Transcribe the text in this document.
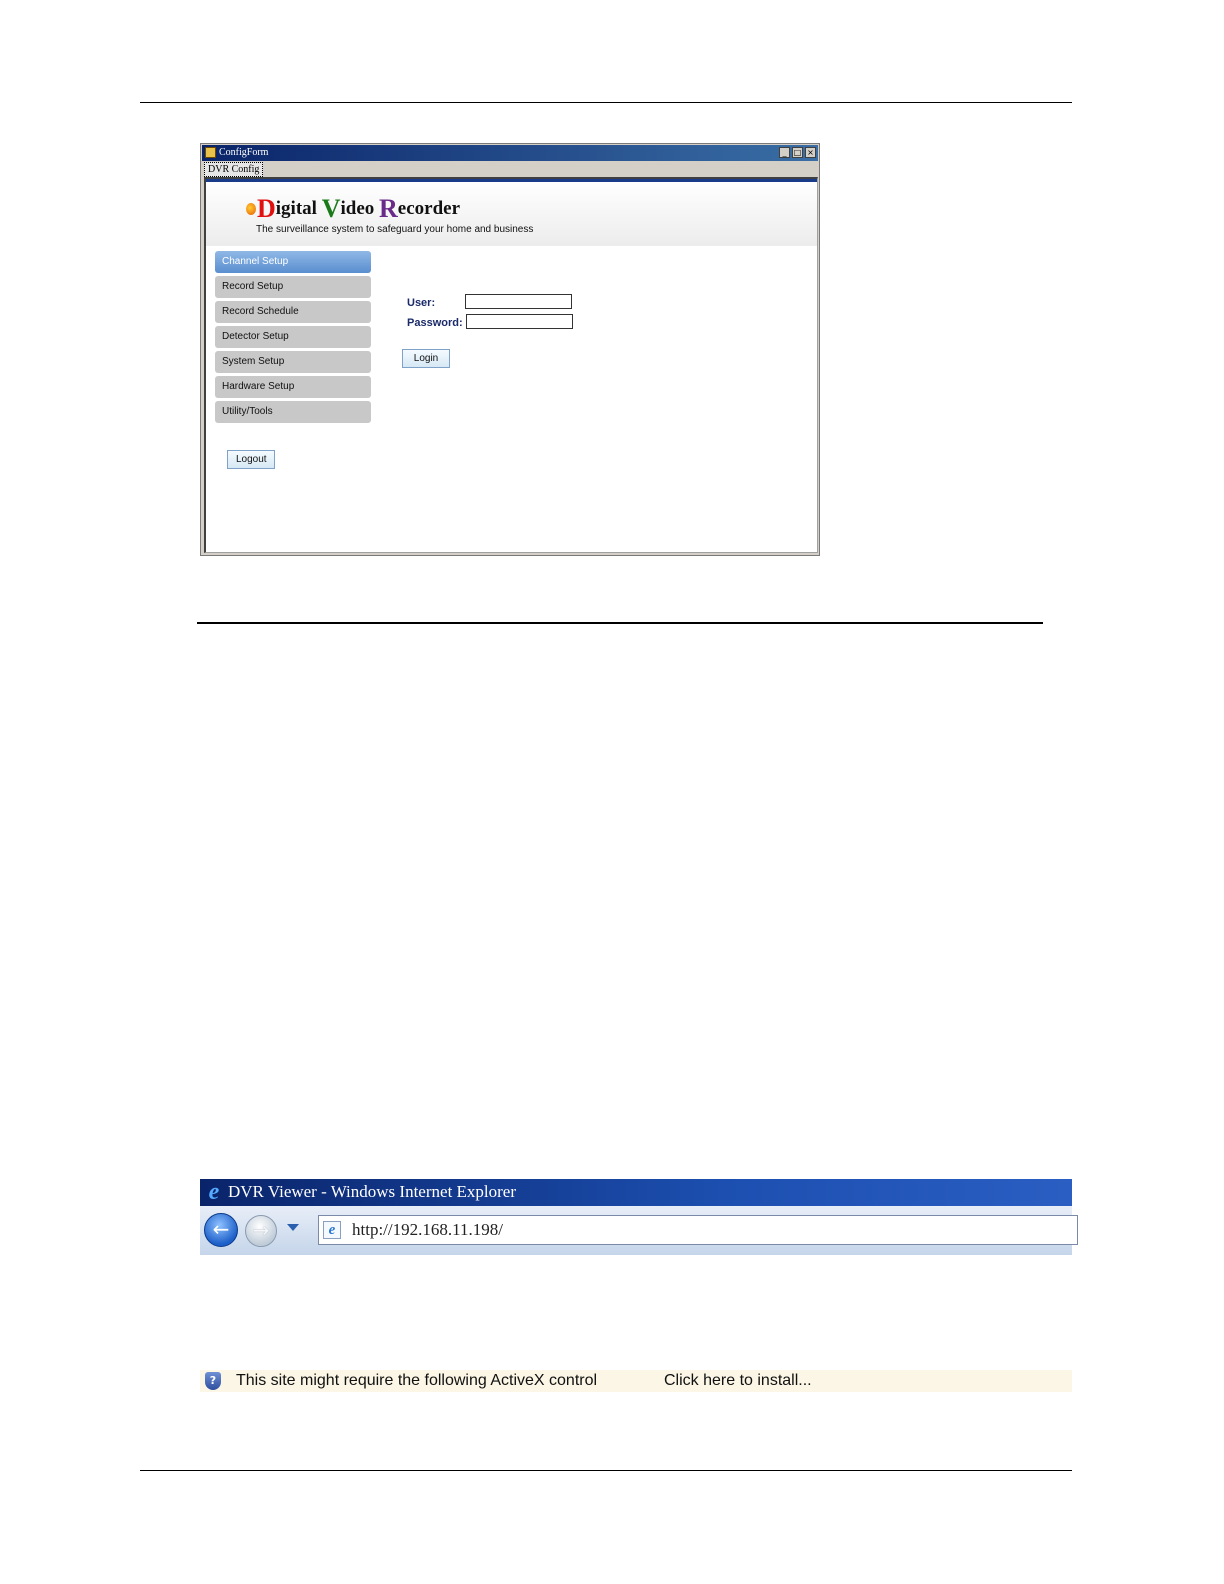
ConfigForm	_ □ ×
DVR Config
Digital Video Recorder
The surveillance system to safeguard your home and business
Channel Setup
Record Setup
Record Schedule
Detector Setup
System Setup
Hardware Setup
Utility/Tools
Logout
User:
Password:
Login
e DVR Viewer - Windows Internet Explorer
←	→	e http://192.168.11.198/
?	This site might require the following ActiveX control	Click here to install...
